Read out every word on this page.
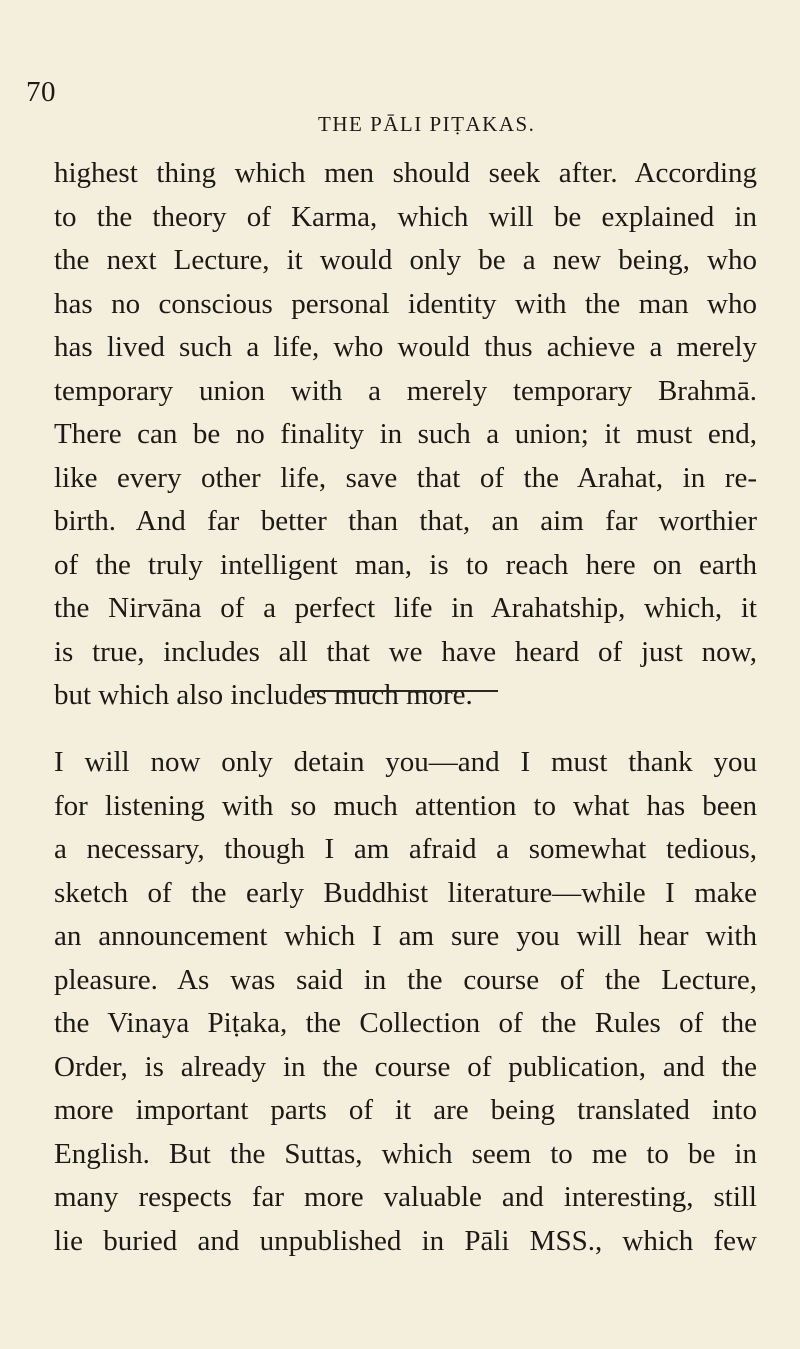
70
THE PĀLI PIṬAKAS.

highest thing which men should seek after. According
to the theory of Karma, which will be explained in
the next Lecture, it would only be a new being, who
has no conscious personal identity with the man who
has lived such a life, who would thus achieve a merely
temporary union with a merely temporary Brahmā.
There can be no finality in such a union; it must end,
like every other life, save that of the Arahat, in re-
birth. And far better than that, an aim far worthier
of the truly intelligent man, is to reach here on earth
the Nirvāna of a perfect life in Arahatship, which, it
is true, includes all that we have heard of just now,
but which also includes much more.

I will now only detain you—and I must thank you
for listening with so much attention to what has been
a necessary, though I am afraid a somewhat tedious,
sketch of the early Buddhist literature—while I make
an announcement which I am sure you will hear with
pleasure. As was said in the course of the Lecture,
the Vinaya Piṭaka, the Collection of the Rules of the
Order, is already in the course of publication, and the
more important parts of it are being translated into
English. But the Suttas, which seem to me to be in
many respects far more valuable and interesting, still
lie buried and unpublished in Pāli MSS., which few
